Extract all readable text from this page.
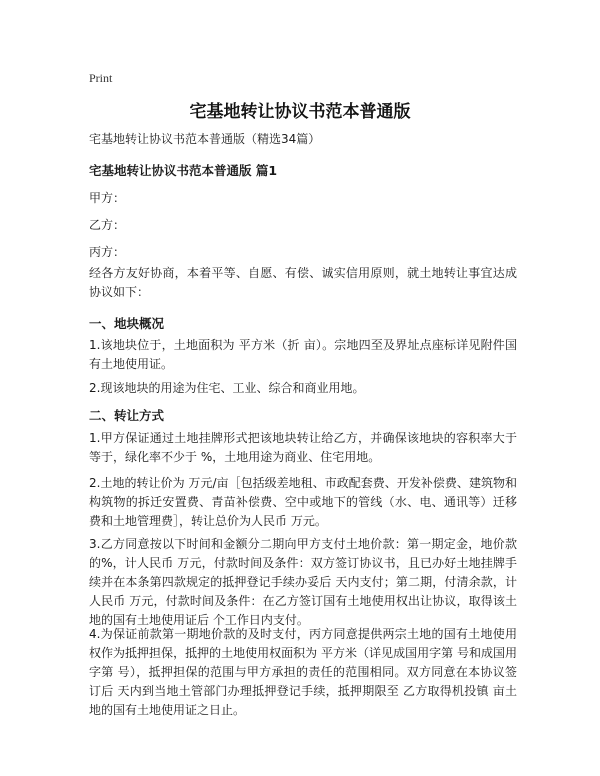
Print
宅基地转让协议书范本普通版
宅基地转让协议书范本普通版（精选34篇）
宅基地转让协议书范本普通版 篇1
甲方：
乙方：
丙方：
经各方友好协商，本着平等、自愿、有偿、诚实信用原则，就土地转让事宜达成协议如下：
一、地块概况
1.该地块位于，土地面积为 平方米（折 亩）。宗地四至及界址点座标详见附件国有土地使用证。
2.现该地块的用途为住宅、工业、综合和商业用地。
二、转让方式
1.甲方保证通过土地挂牌形式把该地块转让给乙方，并确保该地块的容积率大于等于，绿化率不少于 %，土地用途为商业、住宅用地。
2.土地的转让价为 万元/亩［包括级差地租、市政配套费、开发补偿费、建筑物和构筑物的拆迁安置费、青苗补偿费、空中或地下的管线（水、电、通讯等）迁移费和土地管理费］，转让总价为人民币 万元。
3.乙方同意按以下时间和金额分二期向甲方支付土地价款：第一期定金，地价款的%，计人民币 万元，付款时间及条件：双方签订协议书，且已办好土地挂牌手续并在本条第四款规定的抵押登记手续办妥后 天内支付；第二期，付清余款，计人民币 万元，付款时间及条件：在乙方签订国有土地使用权出让协议，取得该土地的国有土地使用证后 个工作日内支付。
4.为保证前款第一期地价款的及时支付，丙方同意提供两宗土地的国有土地使用权作为抵押担保，抵押的土地使用权面积为 平方米（详见成国用字第 号和成国用字第 号），抵押担保的范围与甲方承担的责任的范围相同。双方同意在本协议签订后 天内到当地土管部门办理抵押登记手续，抵押期限至 乙方取得机投镇 亩土地的国有土地使用证之日止。
